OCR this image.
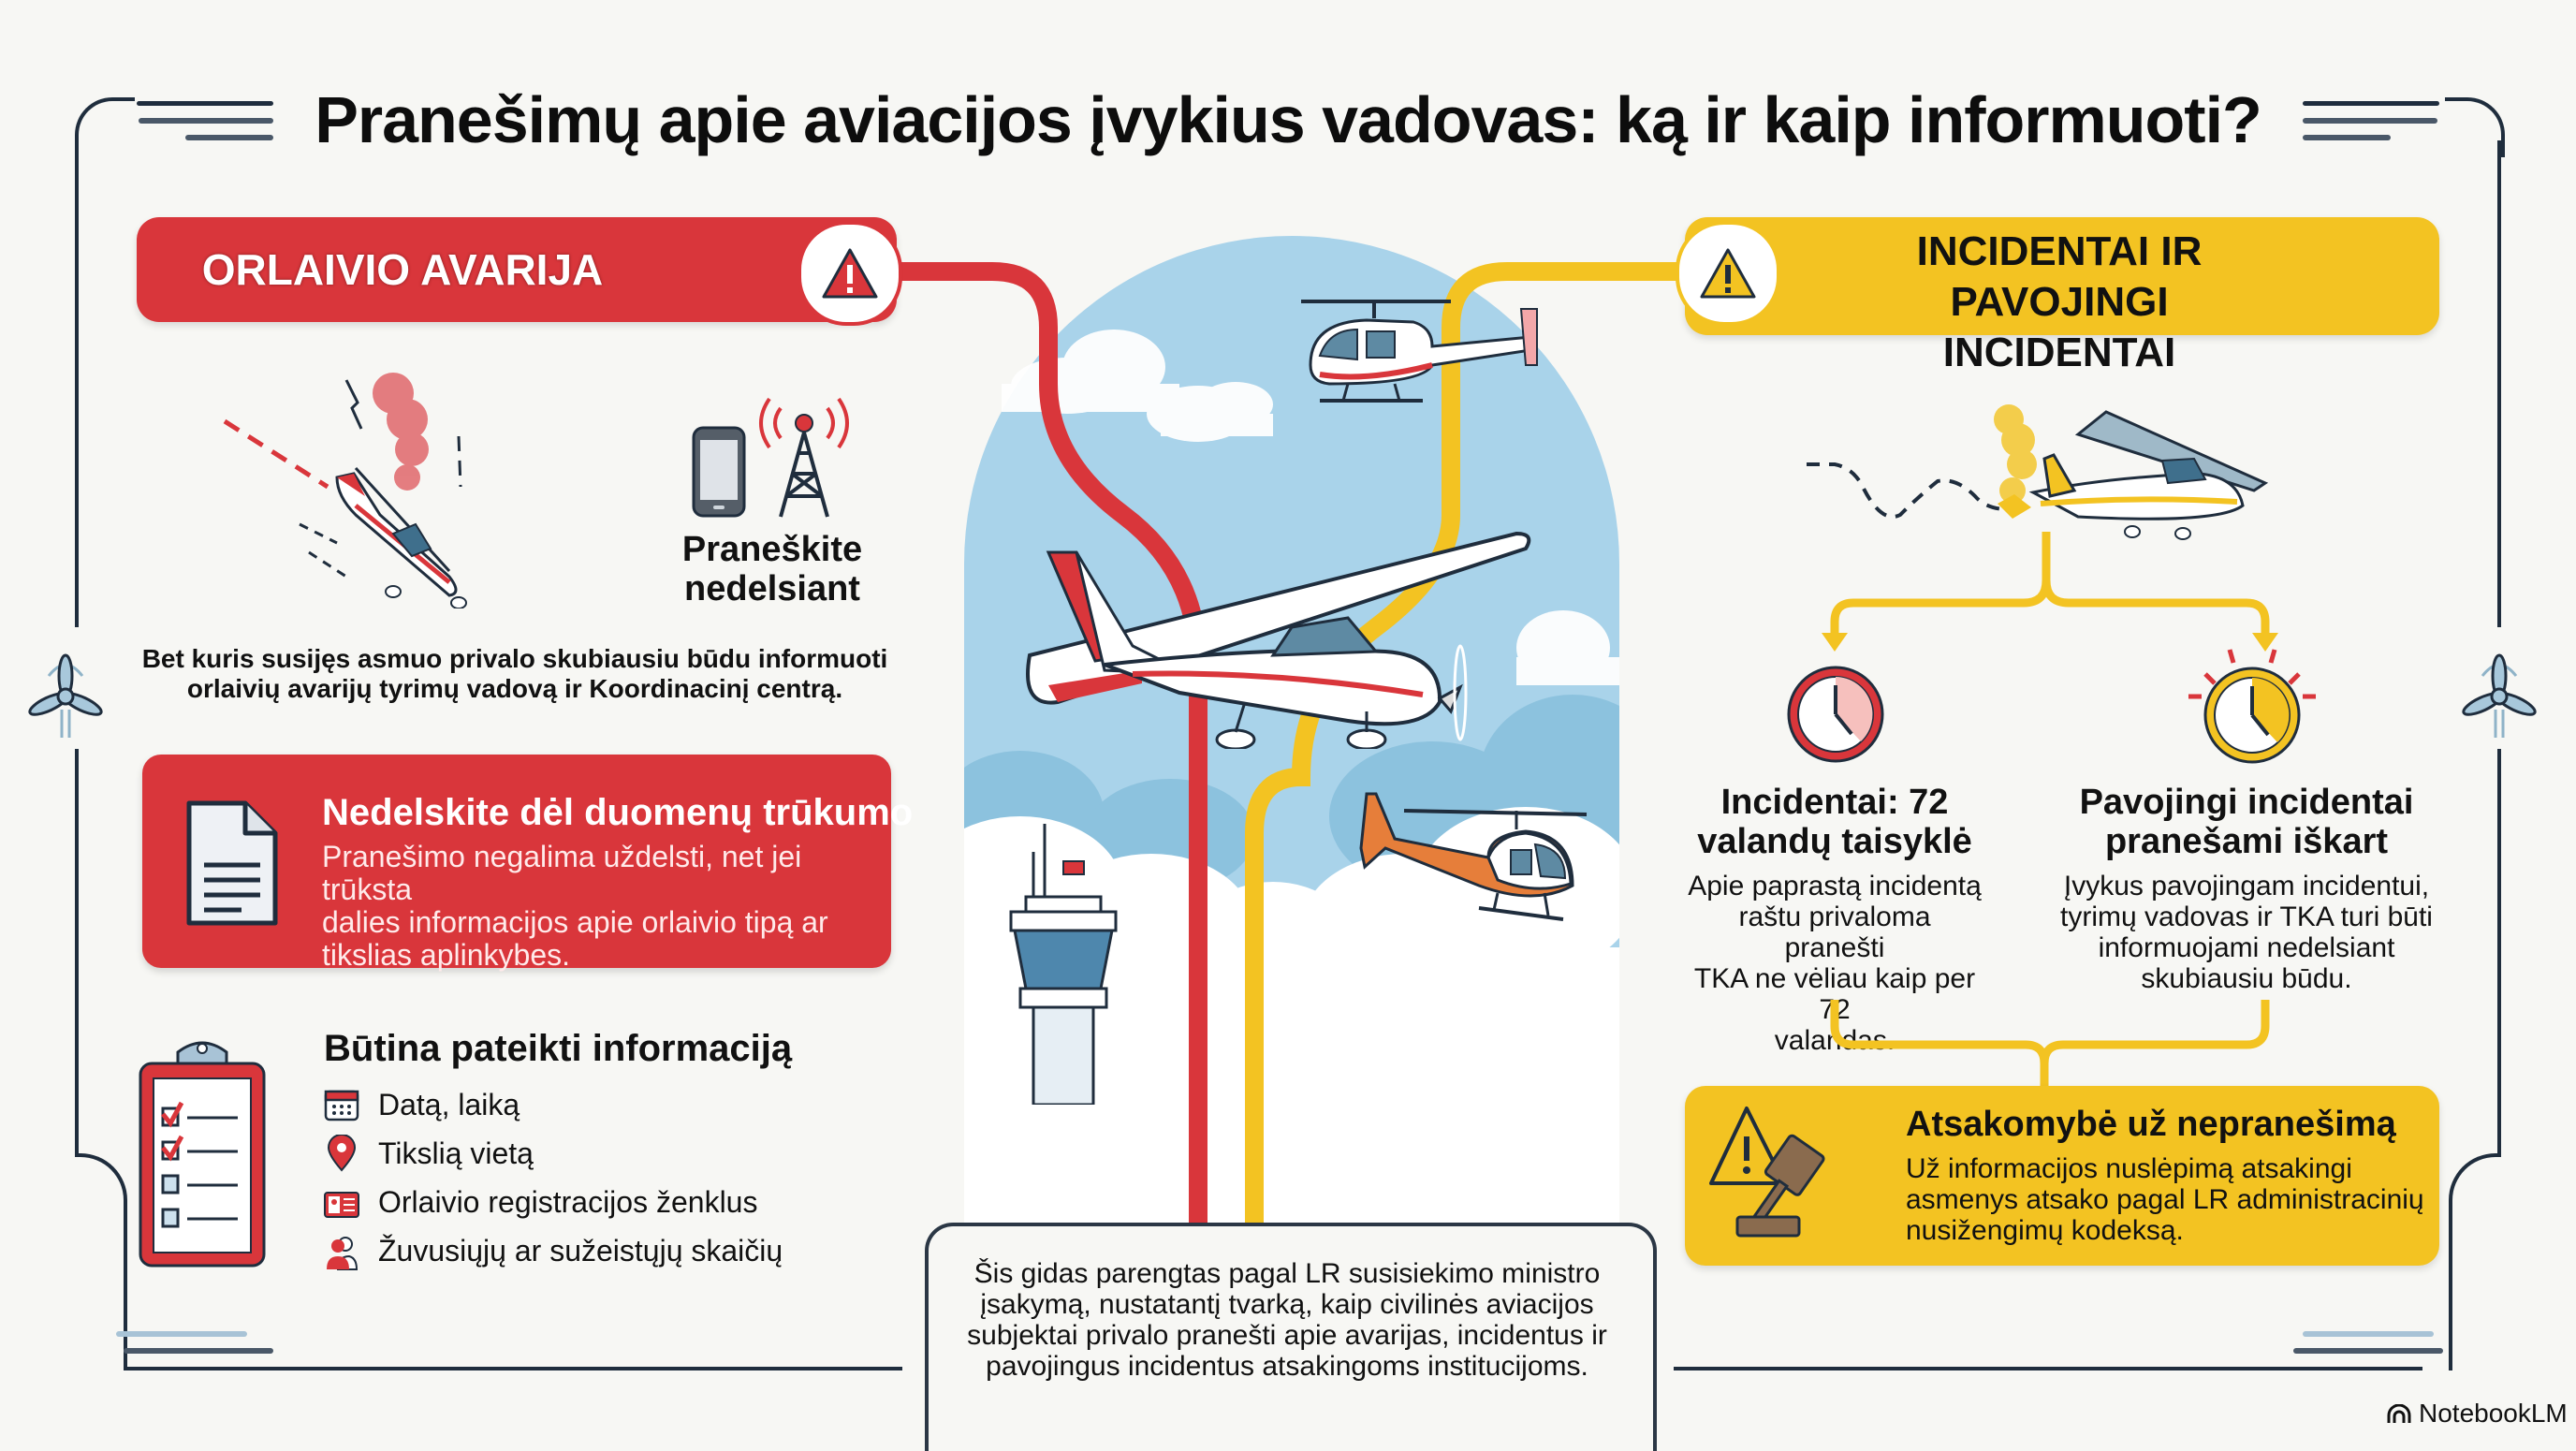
Pranešimų apie aviacijos įvykius vadovas: ką ir kaip informuoti?
ORLAIVIO AVARIJA
Praneškite
nedelsiant
Bet kuris susijęs asmuo privalo skubiausiu būdu informuoti
orlaivių avarijų tyrimų vadovą ir Koordinacinį centrą.
Nedelskite dėl duomenų trūkumo
Pranešimo negalima uždelsti, net jei trūksta
dalies informacijos apie orlaivio tipą ar
tikslias aplinkybes.
Būtina pateikti informaciją
Datą, laiką
Tikslią vietą
Orlaivio registracijos ženklus
Žuvusiųjų ar sužeistųjų skaičių
INCIDENTAI IR
PAVOJINGI INCIDENTAI
Incidentai: 72
valandų taisyklė
Apie paprastą incidentą
raštu privaloma pranešti
TKA ne vėliau kaip per 72
valandas.
Pavojingi incidentai
pranešami iškart
Įvykus pavojingam incidentui,
tyrimų vadovas ir TKA turi būti
informuojami nedelsiant
skubiausiu būdu.
Atsakomybė už nepranešimą
Už informacijos nuslėpimą atsakingi
asmenys atsako pagal LR administracinių
nusižengimų kodeksą.
Šis gidas parengtas pagal LR susisiekimo ministro
įsakymą, nustatantį tvarką, kaip civilinės aviacijos
subjektai privalo pranešti apie avarijas, incidentus ir
pavojingus incidentus atsakingoms institucijoms.
NotebookLM
